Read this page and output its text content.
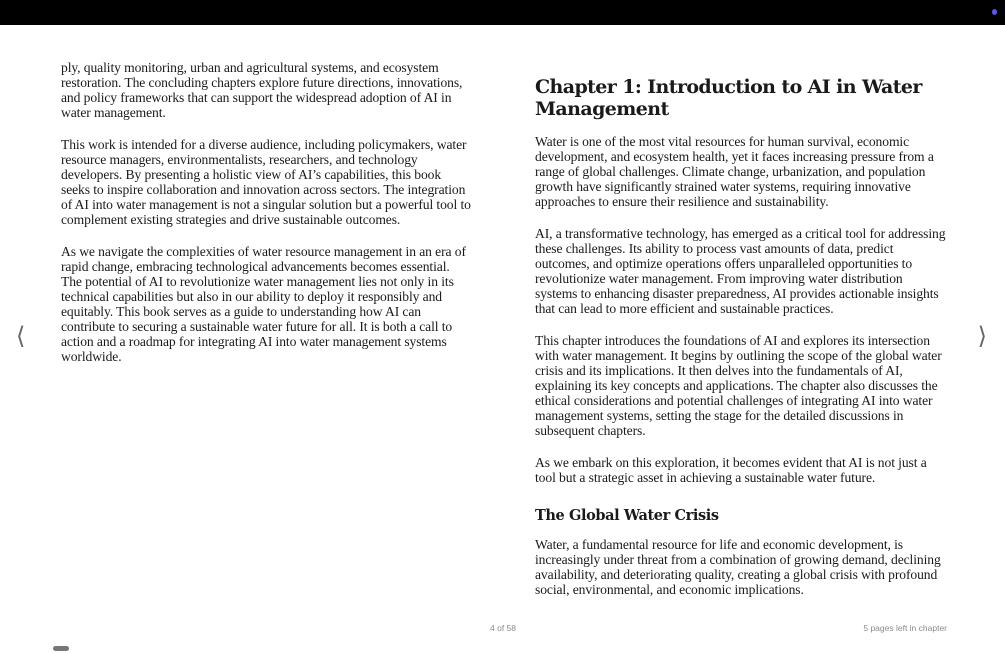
ply, quality monitoring, urban and agricultural systems, and ecosystem restoration. The concluding chapters explore future directions, innovations, and policy frameworks that can support the widespread adoption of AI in water management.

This work is intended for a diverse audience, including policymakers, water resource managers, environmentalists, researchers, and technology developers. By presenting a holistic view of AI’s capabilities, this book seeks to inspire collaboration and innovation across sectors. The integration of AI into water management is not a singular solution but a powerful tool to complement existing strategies and drive sustainable outcomes.

As we navigate the complexities of water resource management in an era of rapid change, embracing technological advancements becomes essential. The potential of AI to revolutionize water management lies not only in its technical capabilities but also in our ability to deploy it responsibly and equitably. This book serves as a guide to understanding how AI can contribute to securing a sustainable water future for all. It is both a call to action and a roadmap for integrating AI into water management systems worldwide.

Chapter 1: Introduction to AI in Water Management

Water is one of the most vital resources for human survival, economic development, and ecosystem health, yet it faces increasing pressure from a range of global challenges. Climate change, urbanization, and population growth have significantly strained water systems, requiring innovative approaches to ensure their resilience and sustainability.

AI, a transformative technology, has emerged as a critical tool for addressing these challenges. Its ability to process vast amounts of data, predict outcomes, and optimize operations offers unparalleled opportunities to revolutionize water management. From improving water distribution systems to enhancing disaster preparedness, AI provides actionable insights that can lead to more efficient and sustainable practices.

This chapter introduces the foundations of AI and explores its intersection with water management. It begins by outlining the scope of the global water crisis and its implications. It then delves into the fundamentals of AI, explaining its key concepts and applications. The chapter also discusses the ethical considerations and potential challenges of integrating AI into water management systems, setting the stage for the detailed discussions in subsequent chapters.

As we embark on this exploration, it becomes evident that AI is not just a tool but a strategic asset in achieving a sustainable water future.

The Global Water Crisis

Water, a fundamental resource for life and economic development, is increasingly under threat from a combination of growing demand, declining availability, and deteriorating quality, creating a global crisis with profound social, environmental, and economic implications.

⟨	⟩
4 of 58	5 pages left in chapter
